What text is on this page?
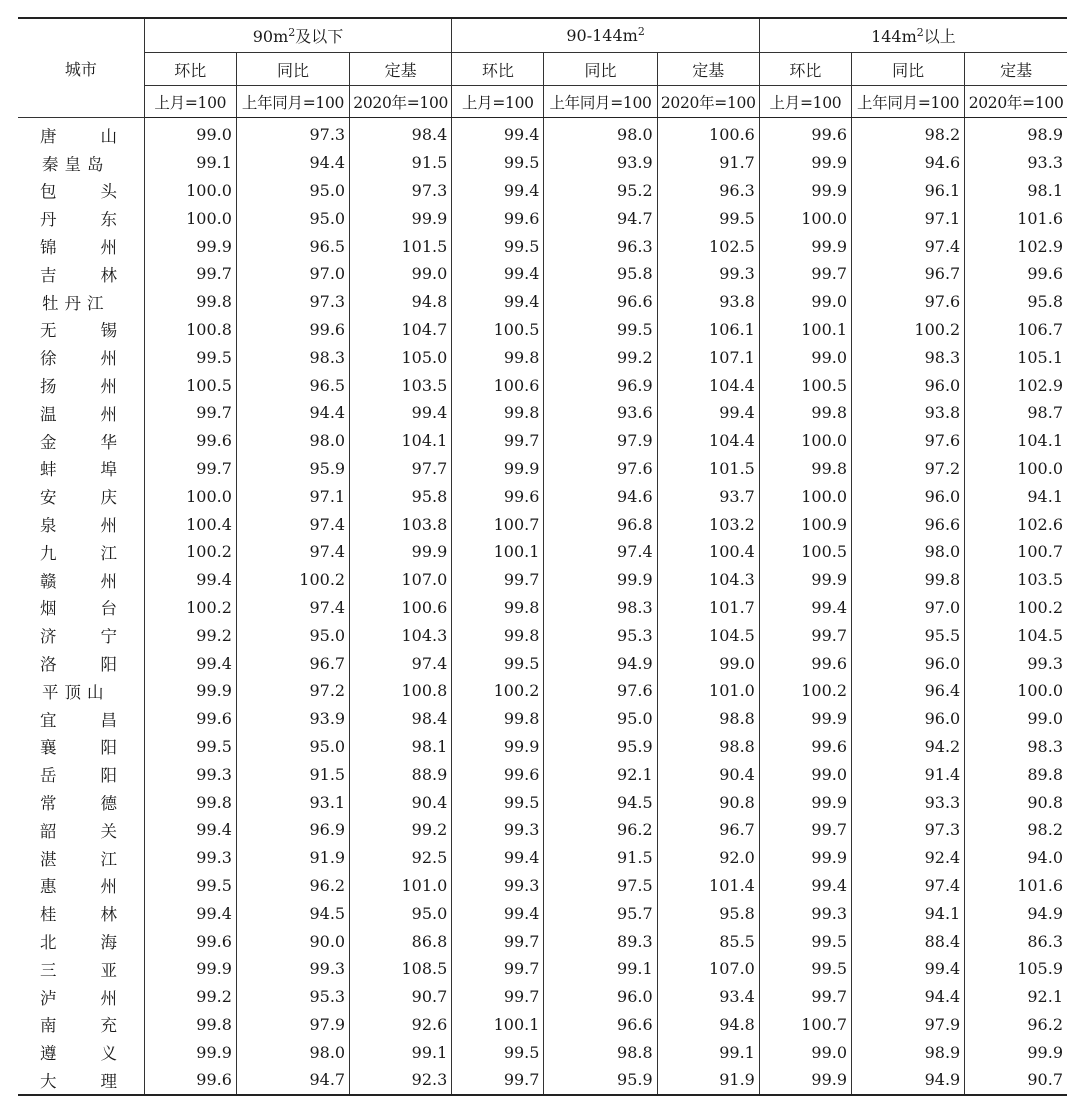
城市	$90m^2$及以下			$90-144m^2$			$144m^2$以上		
	环比	同比	定基	环比	同比	定基	环比	同比	定基
	上月=100	上年同月=100	2020年=100	上月=100	上年同月=100	2020年=100	上月=100	上年同月=100	2020年=100
唐山	99.0	97.3	98.4	99.4	98.0	100.6	99.6	98.2	98.9
秦皇岛	99.1	94.4	91.5	99.5	93.9	91.7	99.9	94.6	93.3
包头	100.0	95.0	97.3	99.4	95.2	96.3	99.9	96.1	98.1
丹东	100.0	95.0	99.9	99.6	94.7	99.5	100.0	97.1	101.6
锦州	99.9	96.5	101.5	99.5	96.3	102.5	99.9	97.4	102.9
吉林	99.7	97.0	99.0	99.4	95.8	99.3	99.7	96.7	99.6
牡丹江	99.8	97.3	94.8	99.4	96.6	93.8	99.0	97.6	95.8
无锡	100.8	99.6	104.7	100.5	99.5	106.1	100.1	100.2	106.7
徐州	99.5	98.3	105.0	99.8	99.2	107.1	99.0	98.3	105.1
扬州	100.5	96.5	103.5	100.6	96.9	104.4	100.5	96.0	102.9
温州	99.7	94.4	99.4	99.8	93.6	99.4	99.8	93.8	98.7
金华	99.6	98.0	104.1	99.7	97.9	104.4	100.0	97.6	104.1
蚌埠	99.7	95.9	97.7	99.9	97.6	101.5	99.8	97.2	100.0
安庆	100.0	97.1	95.8	99.6	94.6	93.7	100.0	96.0	94.1
泉州	100.4	97.4	103.8	100.7	96.8	103.2	100.9	96.6	102.6
九江	100.2	97.4	99.9	100.1	97.4	100.4	100.5	98.0	100.7
赣州	99.4	100.2	107.0	99.7	99.9	104.3	99.9	99.8	103.5
烟台	100.2	97.4	100.6	99.8	98.3	101.7	99.4	97.0	100.2
济宁	99.2	95.0	104.3	99.8	95.3	104.5	99.7	95.5	104.5
洛阳	99.4	96.7	97.4	99.5	94.9	99.0	99.6	96.0	99.3
平顶山	99.9	97.2	100.8	100.2	97.6	101.0	100.2	96.4	100.0
宜昌	99.6	93.9	98.4	99.8	95.0	98.8	99.9	96.0	99.0
襄阳	99.5	95.0	98.1	99.9	95.9	98.8	99.6	94.2	98.3
岳阳	99.3	91.5	88.9	99.6	92.1	90.4	99.0	91.4	89.8
常德	99.8	93.1	90.4	99.5	94.5	90.8	99.9	93.3	90.8
韶关	99.4	96.9	99.2	99.3	96.2	96.7	99.7	97.3	98.2
湛江	99.3	91.9	92.5	99.4	91.5	92.0	99.9	92.4	94.0
惠州	99.5	96.2	101.0	99.3	97.5	101.4	99.4	97.4	101.6
桂林	99.4	94.5	95.0	99.4	95.7	95.8	99.3	94.1	94.9
北海	99.6	90.0	86.8	99.7	89.3	85.5	99.5	88.4	86.3
三亚	99.9	99.3	108.5	99.7	99.1	107.0	99.5	99.4	105.9
泸州	99.2	95.3	90.7	99.7	96.0	93.4	99.7	94.4	92.1
南充	99.8	97.9	92.6	100.1	96.6	94.8	100.7	97.9	96.2
遵义	99.9	98.0	99.1	99.5	98.8	99.1	99.0	98.9	99.9
大理	99.6	94.7	92.3	99.7	95.9	91.9	99.9	94.9	90.7
